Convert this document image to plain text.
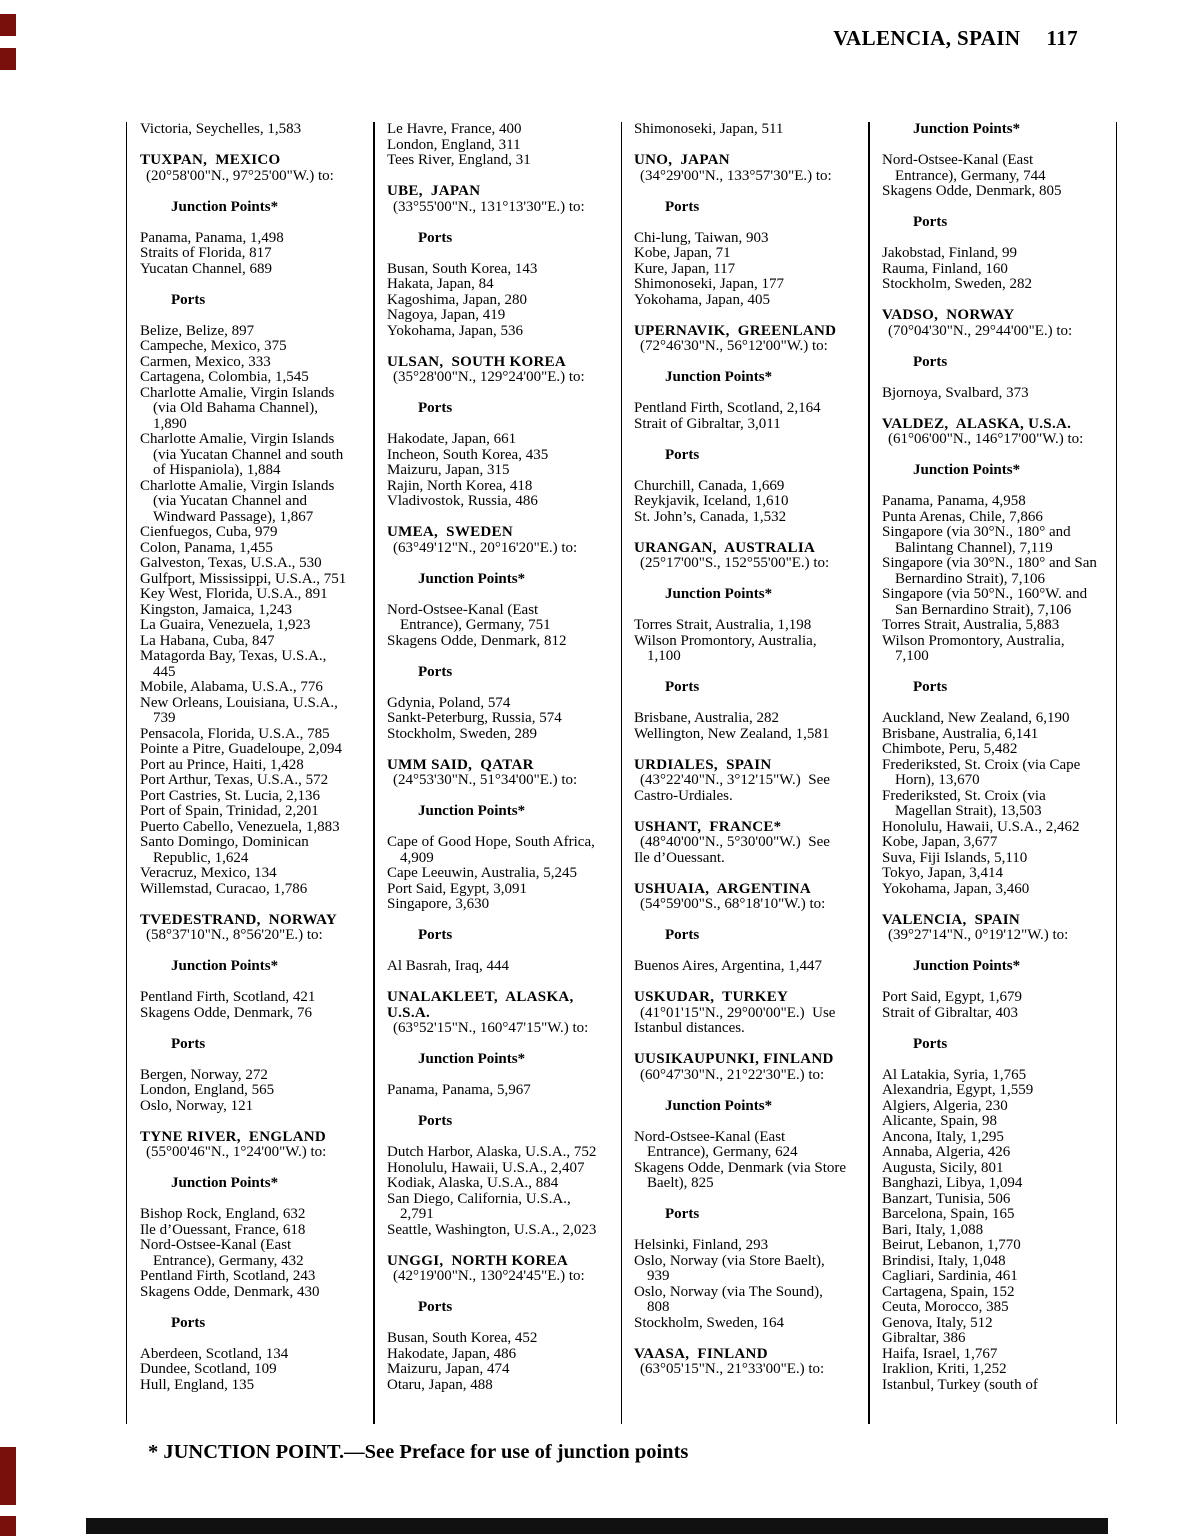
VALENCIA, SPAIN 117
Victoria, Seychelles, 1,583
TUXPAN,  MEXICO
(20°58'00"N., 97°25'00"W.) to:
Junction Points*
Panama, Panama, 1,498
Straits of Florida, 817
Yucatan Channel, 689
Ports
Belize, Belize, 897
Campeche, Mexico, 375
Carmen, Mexico, 333
Cartagena, Colombia, 1,545
Charlotte Amalie, Virgin Islands
(via Old Bahama Channel),
1,890
Charlotte Amalie, Virgin Islands
(via Yucatan Channel and south
of Hispaniola), 1,884
Charlotte Amalie, Virgin Islands
(via Yucatan Channel and
Windward Passage), 1,867
Cienfuegos, Cuba, 979
Colon, Panama, 1,455
Galveston, Texas, U.S.A., 530
Gulfport, Mississippi, U.S.A., 751
Key West, Florida, U.S.A., 891
Kingston, Jamaica, 1,243
La Guaira, Venezuela, 1,923
La Habana, Cuba, 847
Matagorda Bay, Texas, U.S.A.,
445
Mobile, Alabama, U.S.A., 776
New Orleans, Louisiana, U.S.A.,
739
Pensacola, Florida, U.S.A., 785
Pointe a Pitre, Guadeloupe, 2,094
Port au Prince, Haiti, 1,428
Port Arthur, Texas, U.S.A., 572
Port Castries, St. Lucia, 2,136
Port of Spain, Trinidad, 2,201
Puerto Cabello, Venezuela, 1,883
Santo Domingo, Dominican
Republic, 1,624
Veracruz, Mexico, 134
Willemstad, Curacao, 1,786
TVEDESTRAND,  NORWAY
(58°37'10"N., 8°56'20"E.) to:
Junction Points*
Pentland Firth, Scotland, 421
Skagens Odde, Denmark, 76
Ports
Bergen, Norway, 272
London, England, 565
Oslo, Norway, 121
TYNE RIVER,  ENGLAND
(55°00'46"N., 1°24'00"W.) to:
Junction Points*
Bishop Rock, England, 632
Ile d’Ouessant, France, 618
Nord-Ostsee-Kanal (East
Entrance), Germany, 432
Pentland Firth, Scotland, 243
Skagens Odde, Denmark, 430
Ports
Aberdeen, Scotland, 134
Dundee, Scotland, 109
Hull, England, 135
Le Havre, France, 400
London, England, 311
Tees River, England, 31
UBE,  JAPAN
(33°55'00"N., 131°13'30"E.) to:
Ports
Busan, South Korea, 143
Hakata, Japan, 84
Kagoshima, Japan, 280
Nagoya, Japan, 419
Yokohama, Japan, 536
ULSAN,  SOUTH KOREA
(35°28'00"N., 129°24'00"E.) to:
Ports
Hakodate, Japan, 661
Incheon, South Korea, 435
Maizuru, Japan, 315
Rajin, North Korea, 418
Vladivostok, Russia, 486
UMEA,  SWEDEN
(63°49'12"N., 20°16'20"E.) to:
Junction Points*
Nord-Ostsee-Kanal (East
Entrance), Germany, 751
Skagens Odde, Denmark, 812
Ports
Gdynia, Poland, 574
Sankt-Peterburg, Russia, 574
Stockholm, Sweden, 289
UMM SAID,  QATAR
(24°53'30"N., 51°34'00"E.) to:
Junction Points*
Cape of Good Hope, South Africa,
4,909
Cape Leeuwin, Australia, 5,245
Port Said, Egypt, 3,091
Singapore, 3,630
Ports
Al Basrah, Iraq, 444
UNALAKLEET,  ALASKA,
U.S.A.
(63°52'15"N., 160°47'15"W.) to:
Junction Points*
Panama, Panama, 5,967
Ports
Dutch Harbor, Alaska, U.S.A., 752
Honolulu, Hawaii, U.S.A., 2,407
Kodiak, Alaska, U.S.A., 884
San Diego, California, U.S.A.,
2,791
Seattle, Washington, U.S.A., 2,023
UNGGI,  NORTH KOREA
(42°19'00"N., 130°24'45"E.) to:
Ports
Busan, South Korea, 452
Hakodate, Japan, 486
Maizuru, Japan, 474
Otaru, Japan, 488
Shimonoseki, Japan, 511
UNO,  JAPAN
(34°29'00"N., 133°57'30"E.) to:
Ports
Chi-lung, Taiwan, 903
Kobe, Japan, 71
Kure, Japan, 117
Shimonoseki, Japan, 177
Yokohama, Japan, 405
UPERNAVIK,  GREENLAND
(72°46'30"N., 56°12'00"W.) to:
Junction Points*
Pentland Firth, Scotland, 2,164
Strait of Gibraltar, 3,011
Ports
Churchill, Canada, 1,669
Reykjavik, Iceland, 1,610
St. John’s, Canada, 1,532
URANGAN,  AUSTRALIA
(25°17'00"S., 152°55'00"E.) to:
Junction Points*
Torres Strait, Australia, 1,198
Wilson Promontory, Australia,
1,100
Ports
Brisbane, Australia, 282
Wellington, New Zealand, 1,581
URDIALES,  SPAIN
(43°22'40"N., 3°12'15"W.)  See
Castro-Urdiales.
USHANT,  FRANCE*
(48°40'00"N., 5°30'00"W.)  See
Ile d’Ouessant.
USHUAIA,  ARGENTINA
(54°59'00"S., 68°18'10"W.) to:
Ports
Buenos Aires, Argentina, 1,447
USKUDAR,  TURKEY
(41°01'15"N., 29°00'00"E.)  Use
Istanbul distances.
UUSIKAUPUNKI, FINLAND
(60°47'30"N., 21°22'30"E.) to:
Junction Points*
Nord-Ostsee-Kanal (East
Entrance), Germany, 624
Skagens Odde, Denmark (via Store
Baelt), 825
Ports
Helsinki, Finland, 293
Oslo, Norway (via Store Baelt),
939
Oslo, Norway (via The Sound),
808
Stockholm, Sweden, 164
VAASA,  FINLAND
(63°05'15"N., 21°33'00"E.) to:
Junction Points*
Nord-Ostsee-Kanal (East
Entrance), Germany, 744
Skagens Odde, Denmark, 805
Ports
Jakobstad, Finland, 99
Rauma, Finland, 160
Stockholm, Sweden, 282
VADSO,  NORWAY
(70°04'30"N., 29°44'00"E.) to:
Ports
Bjornoya, Svalbard, 373
VALDEZ,  ALASKA, U.S.A.
(61°06'00"N., 146°17'00"W.) to:
Junction Points*
Panama, Panama, 4,958
Punta Arenas, Chile, 7,866
Singapore (via 30°N., 180° and
Balintang Channel), 7,119
Singapore (via 30°N., 180° and San
Bernardino Strait), 7,106
Singapore (via 50°N., 160°W. and
San Bernardino Strait), 7,106
Torres Strait, Australia, 5,883
Wilson Promontory, Australia,
7,100
Ports
Auckland, New Zealand, 6,190
Brisbane, Australia, 6,141
Chimbote, Peru, 5,482
Frederiksted, St. Croix (via Cape
Horn), 13,670
Frederiksted, St. Croix (via
Magellan Strait), 13,503
Honolulu, Hawaii, U.S.A., 2,462
Kobe, Japan, 3,677
Suva, Fiji Islands, 5,110
Tokyo, Japan, 3,414
Yokohama, Japan, 3,460
VALENCIA,  SPAIN
(39°27'14"N., 0°19'12"W.) to:
Junction Points*
Port Said, Egypt, 1,679
Strait of Gibraltar, 403
Ports
Al Latakia, Syria, 1,765
Alexandria, Egypt, 1,559
Algiers, Algeria, 230
Alicante, Spain, 98
Ancona, Italy, 1,295
Annaba, Algeria, 426
Augusta, Sicily, 801
Banghazi, Libya, 1,094
Banzart, Tunisia, 506
Barcelona, Spain, 165
Bari, Italy, 1,088
Beirut, Lebanon, 1,770
Brindisi, Italy, 1,048
Cagliari, Sardinia, 461
Cartagena, Spain, 152
Ceuta, Morocco, 385
Genova, Italy, 512
Gibraltar, 386
Haifa, Israel, 1,767
Iraklion, Kriti, 1,252
Istanbul, Turkey (south of
* JUNCTION POINT.—See Preface for use of junction points
